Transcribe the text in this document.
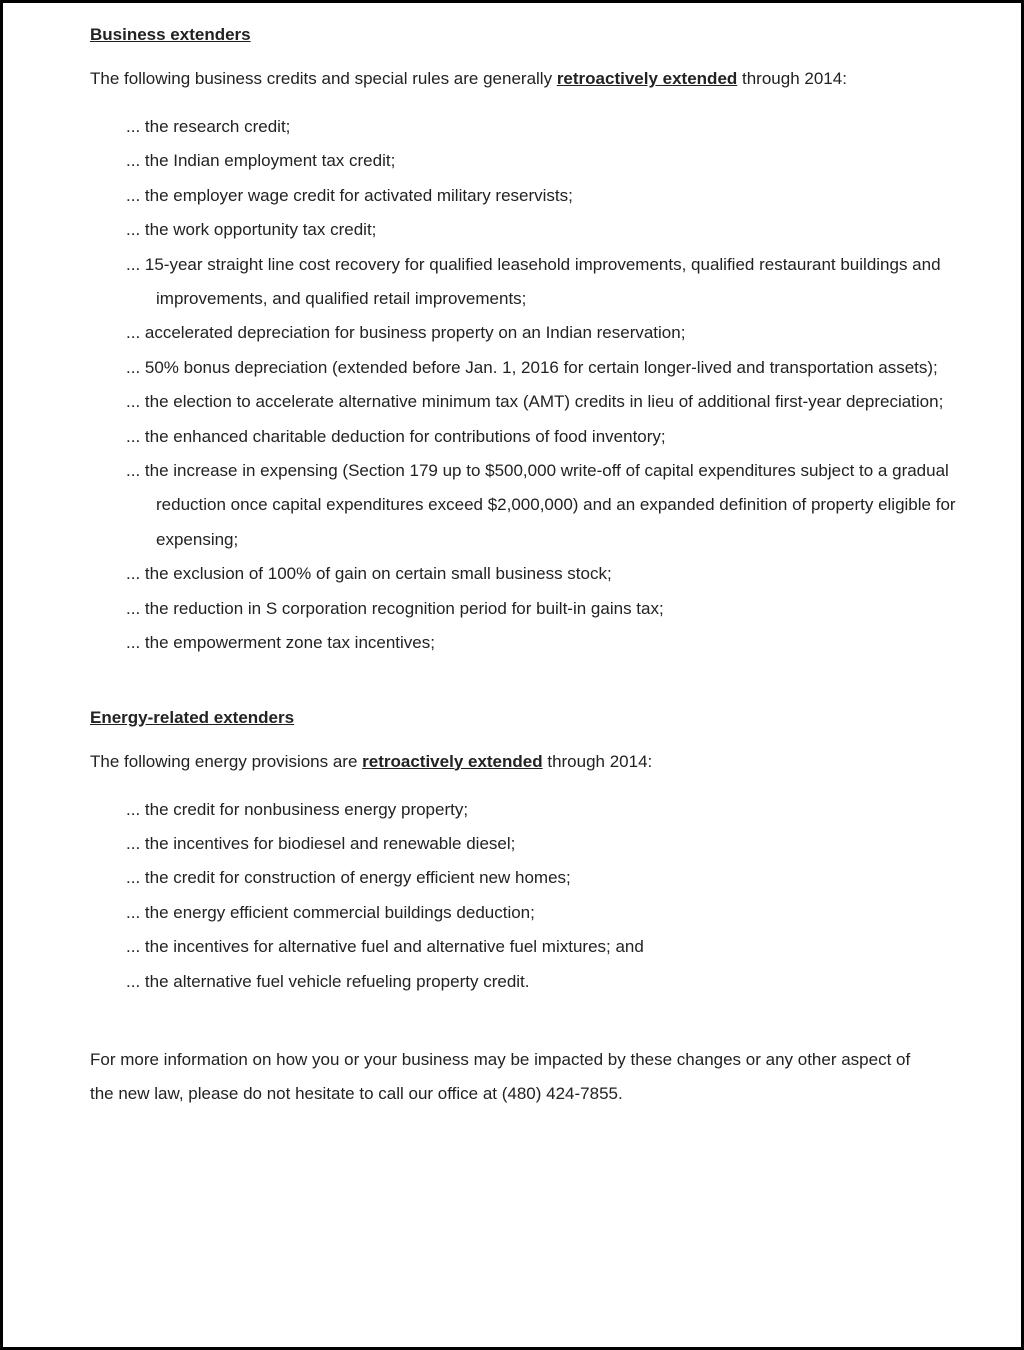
Business extenders
The following business credits and special rules are generally retroactively extended through 2014:
... the research credit;
... the Indian employment tax credit;
... the employer wage credit for activated military reservists;
... the work opportunity tax credit;
... 15-year straight line cost recovery for qualified leasehold improvements, qualified restaurant buildings and improvements, and qualified retail improvements;
... accelerated depreciation for business property on an Indian reservation;
... 50% bonus depreciation (extended before Jan. 1, 2016 for certain longer-lived and transportation assets);
... the election to accelerate alternative minimum tax (AMT) credits in lieu of additional first-year depreciation;
... the enhanced charitable deduction for contributions of food inventory;
... the increase in expensing (Section 179 up to $500,000 write-off of capital expenditures subject to a gradual reduction once capital expenditures exceed $2,000,000) and an expanded definition of property eligible for expensing;
... the exclusion of 100% of gain on certain small business stock;
... the reduction in S corporation recognition period for built-in gains tax;
... the empowerment zone tax incentives;
Energy-related extenders
The following energy provisions are retroactively extended through 2014:
... the credit for nonbusiness energy property;
... the incentives for biodiesel and renewable diesel;
... the credit for construction of energy efficient new homes;
... the energy efficient commercial buildings deduction;
... the incentives for alternative fuel and alternative fuel mixtures; and
... the alternative fuel vehicle refueling property credit.

For more information on how you or your business may be impacted by these changes or any other aspect of the new law, please do not hesitate to call our office at (480) 424-7855.
